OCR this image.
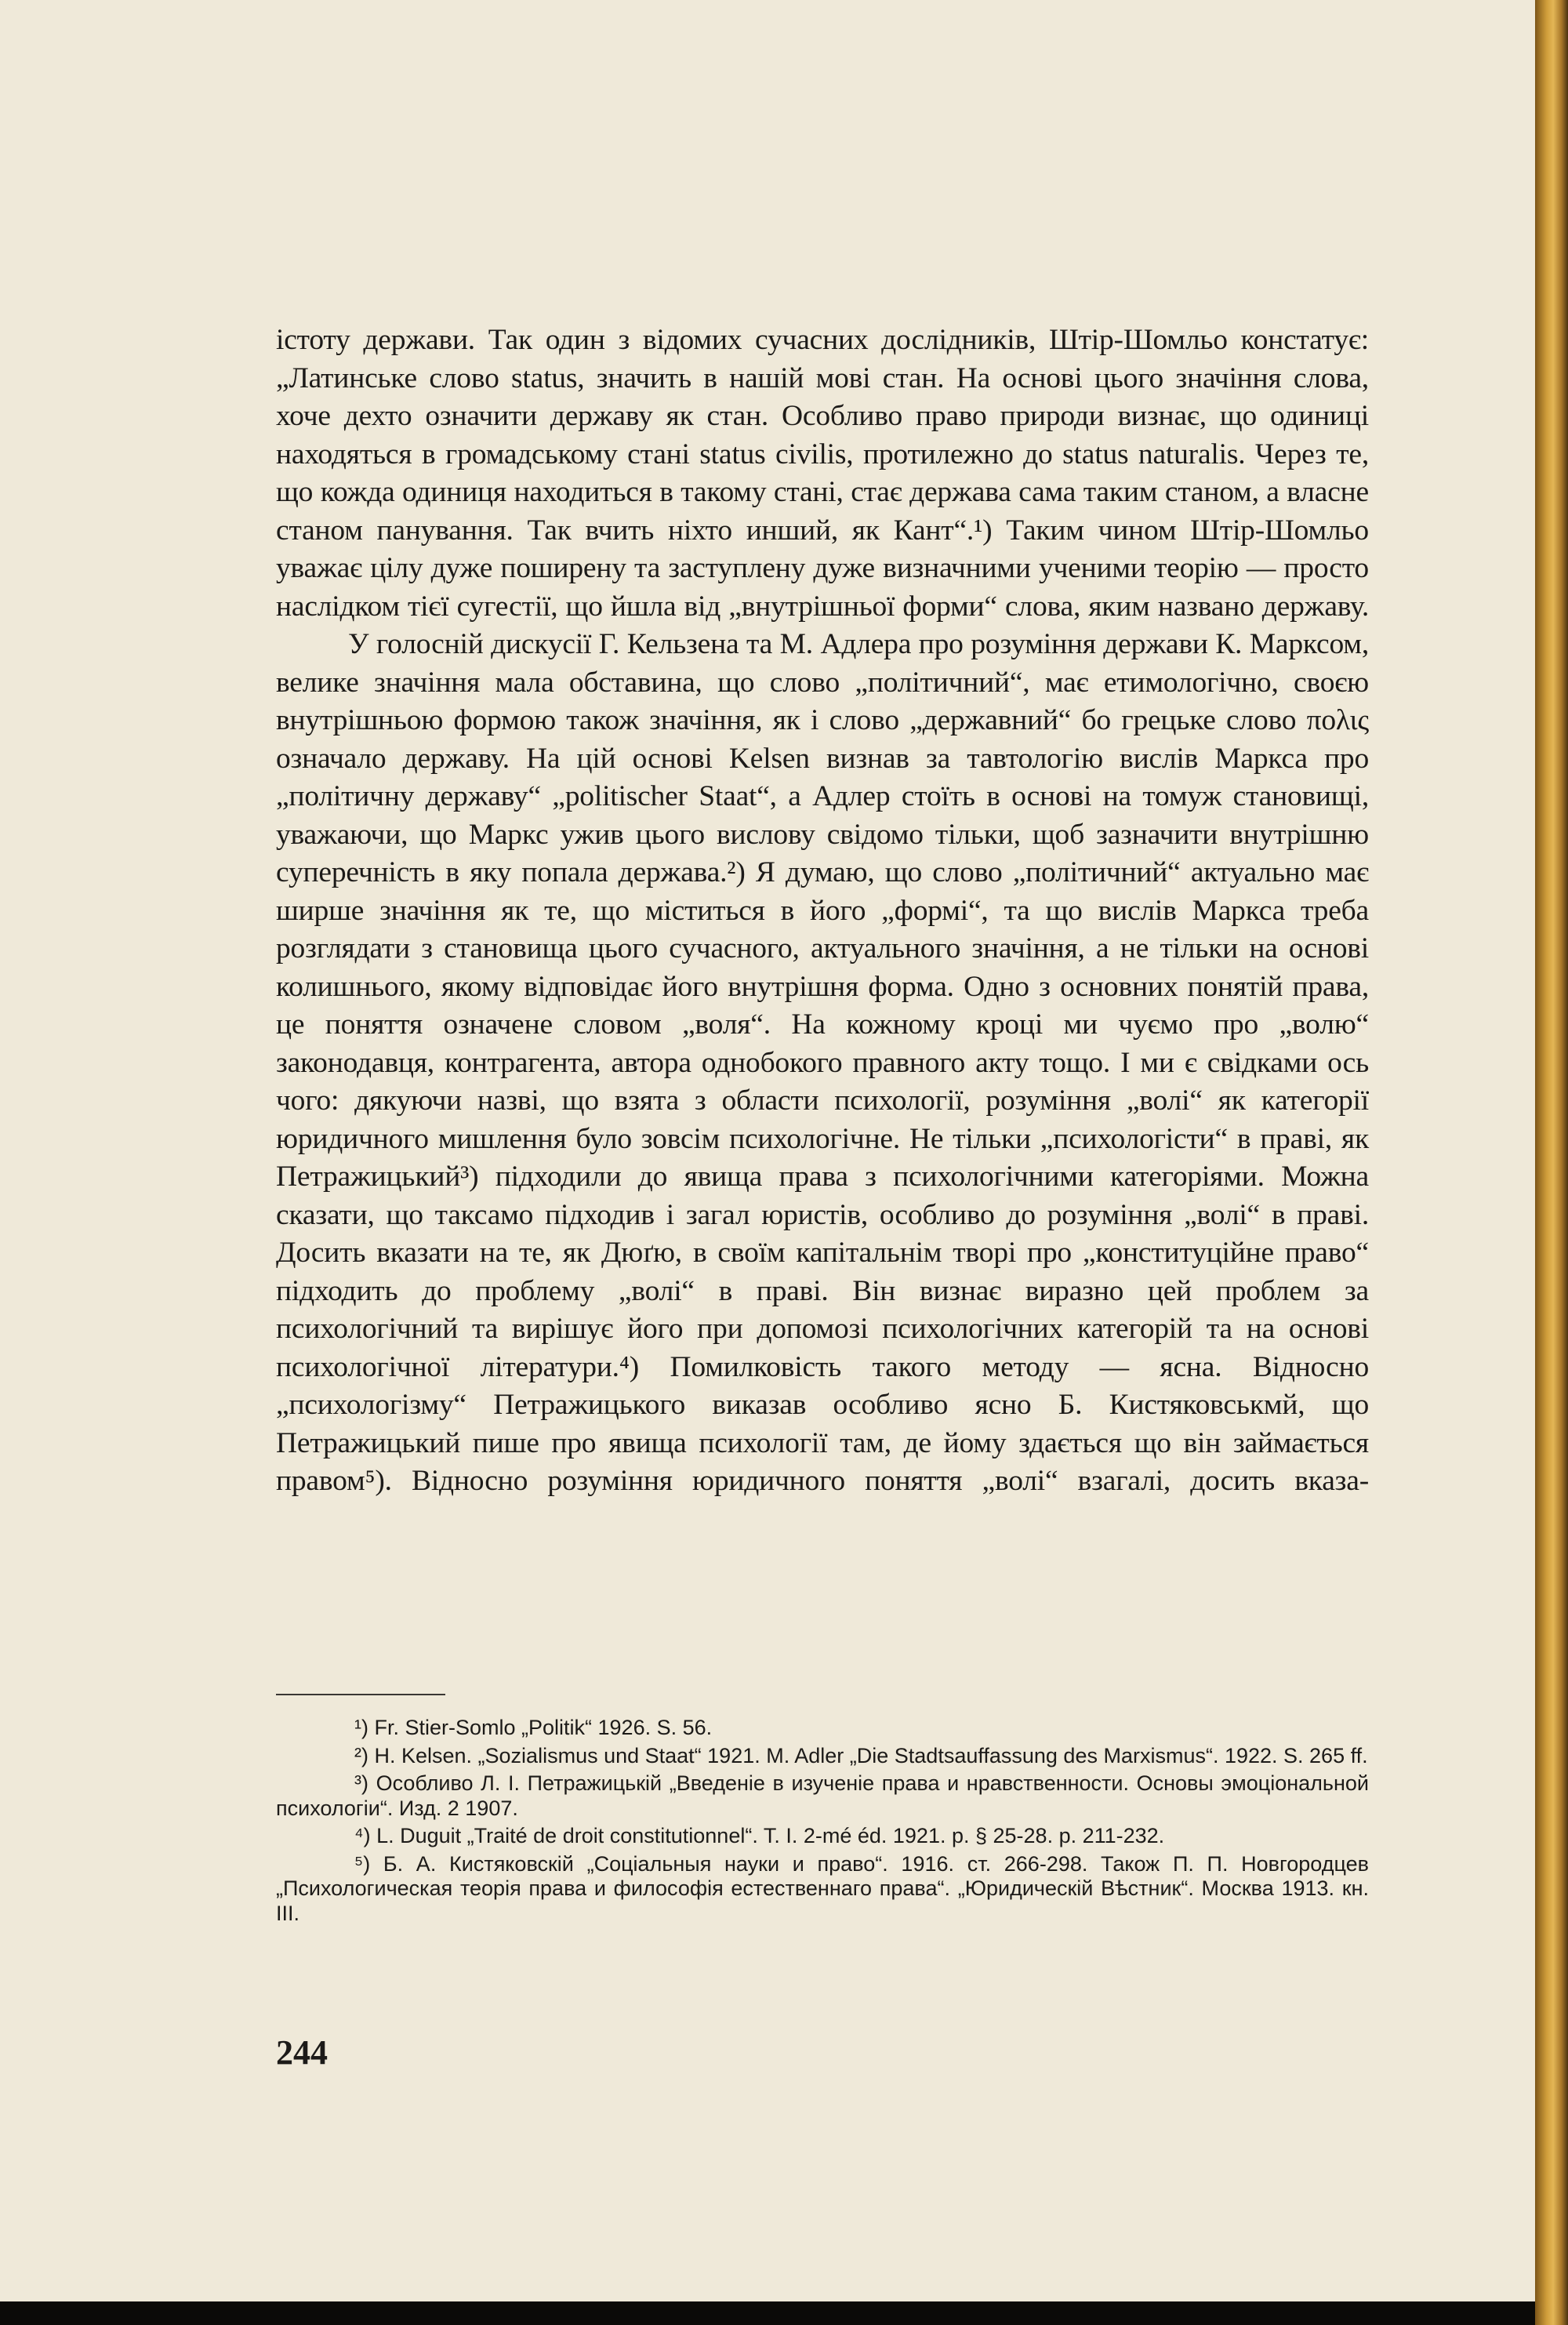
істоту держави. Так один з відомих сучасних дослідників, Штір-Шомльо констатує: „Латинське слово status, значить в нашій мові стан. На основі цього значіння слова, хоче дехто означити державу як стан. Особливо право природи визнає, що одиниці находяться в громадському стані status civilis, протилежно до status naturalis. Через те, що кожда одиниця находиться в такому стані, стає держава сама таким станом, а власне станом панування. Так вчить ніхто инший, як Кант“.¹) Таким чином Штір-Шомльо уважає цілу дуже поширену та заступлену дуже визначними ученими теорію — просто наслідком тієї сугестії, що йшла від „внутрішньої форми“ слова, яким названо державу.

У голосній дискусії Г. Кельзена та М. Адлера про розуміння держави К. Марксом, велике значіння мала обставина, що слово „політичний“, має етимологічно, своєю внутрішньою формою також значіння, як і слово „державний“ бо грецьке слово πολις означало державу. На цій основі Kelsen визнав за тавтологію вислів Маркса про „політичну державу“ „politischer Staat“, а Адлер стоїть в основі на томуж становищі, уважаючи, що Маркс ужив цього вислову свідомо тільки, щоб зазначити внутрішню суперечність в яку попала держава.²) Я думаю, що слово „політичний“ актуально має ширше значіння як те, що міститься в його „формі“, та що вислів Маркса треба розглядати з становища цього сучасного, актуального значіння, а не тільки на основі колишнього, якому відповідає його внутрішня форма. Одно з основних понятій права, це поняття означене словом „воля“. На кожному кроці ми чуємо про „волю“ законодавця, контрагента, автора однобокого правного акту тощо. І ми є свідками ось чого: дякуючи назві, що взята з области психології, розуміння „волі“ як категорії юридичного мишлення було зовсім психологічне. Не тільки „психологісти“ в праві, як Петражицький³) підходили до явища права з психологічними категоріями. Можна сказати, що таксамо підходив і загал юристів, особливо до розуміння „волі“ в праві. Досить вказати на те, як Дюґю, в своїм капітальнім творі про „конституційне право“ підходить до проблему „волі“ в праві. Він визнає виразно цей проблем за психологічний та вирішує його при допомозі психологічних категорій та на основі психологічної літератури.⁴) Помилковість такого методу — ясна. Відносно „психологізму“ Петражицького виказав особливо ясно Б. Кистяковськмй, що Петражицький пише про явища психології там, де йому здається що він займається правом⁵). Відносно розуміння юридичного поняття „волі“ взагалі, досить вказа-

¹) Fr. Stier-Somlo „Politik“ 1926. S. 56.

²) H. Kelsen. „Sozialismus und Staat“ 1921. M. Adler „Die Stadtsauffassung des Marxismus“. 1922. S. 265 ff.

³) Особливо Л. І. Петражицькій „Введеніе в изученіе права и нравственности. Основы эмоціональной психологіи“. Изд. 2 1907.

⁴) L. Duguit „Traité de droit constitutionnel“. T. I. 2-mé éd. 1921. p. § 25-28. p. 211-232.

⁵) Б. А. Кистяковскій „Соціальныя науки и право“. 1916. ст. 266-298. Також П. П. Новгородцев „Психологическая теорія права и философія естественнаго права“. „Юридическій Вѣстник“. Москва 1913. кн. III.

244
